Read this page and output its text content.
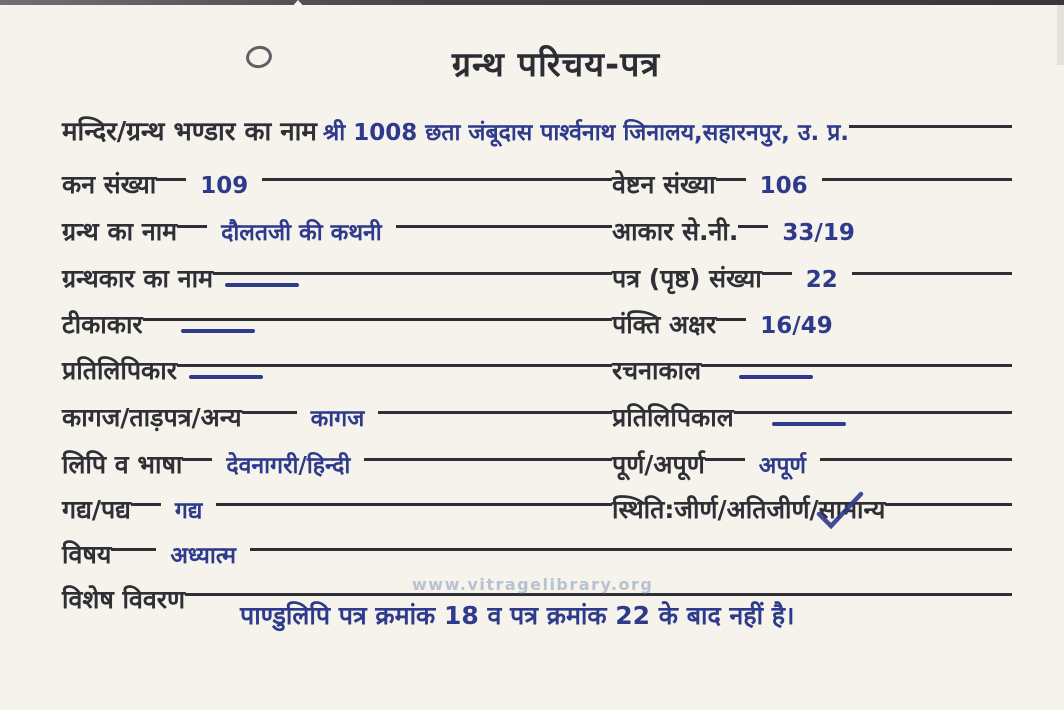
ग्रन्थ परिचय-पत्र
मन्दिर/ग्रन्थ भण्डार का नाम श्री 1008 छता जंबूदास पार्श्वनाथ जिनालय,सहारनपुर, उ. प्र.
कन संख्या 109	वेष्टन संख्या 106
ग्रन्थ का नाम दौलतजी की कथनी	आकार से.नी. 33/19
ग्रन्थकार का नाम	पत्र (पृष्ठ) संख्या 22
टीकाकार	पंक्ति अक्षर 16/49
प्रतिलिपिकार	रचनाकाल
कागज/ताड़पत्र/अन्य	कागज	प्रतिलिपिकाल
लिपि व भाषा देवनागरी/हिन्दी	पूर्ण/अपूर्ण अपूर्ण
गद्य/पद्य गद्य	स्थिति:जीर्ण/अतिजीर्ण/ सामान्य
विषय	अध्यात्म
विशेष विवरण
पाण्डुलिपि पत्र क्रमांक 18 व पत्र क्रमांक 22 के बाद नहीं है।
www.vitragelibrary.org
